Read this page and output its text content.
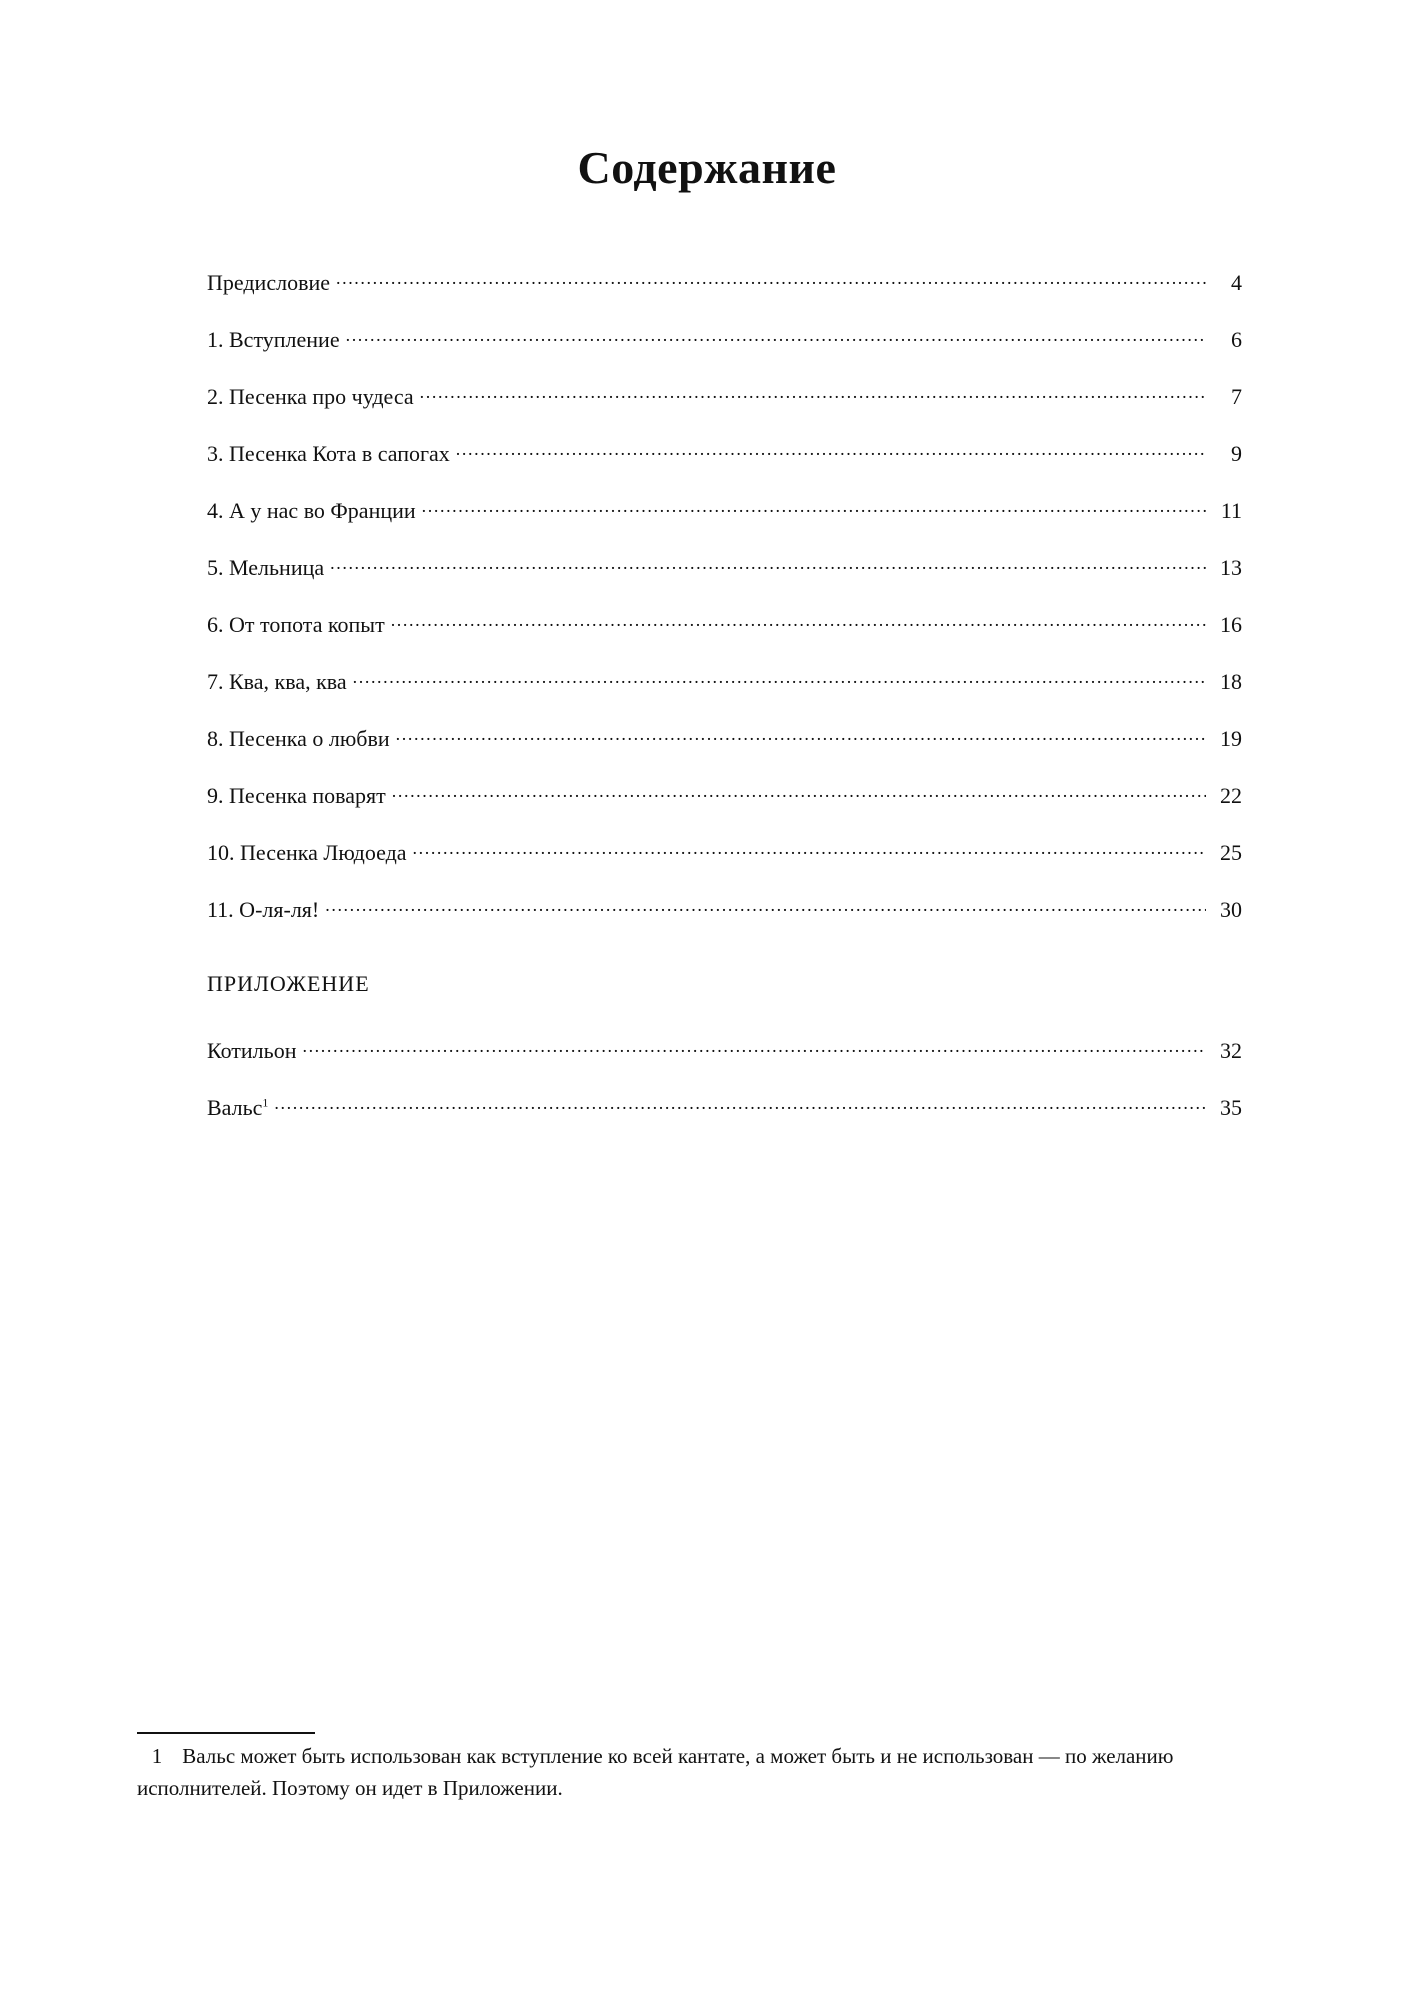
Содержание
Предисловие .....	4
1. Вступление .....	6
2. Песенка про чудеса .....	7
3. Песенка Кота в сапогах .....	9
4. А у нас во Франции .....	11
5. Мельница .....	13
6. От топота копыт .....	16
7. Ква, ква, ква .....	18
8. Песенка о любви .....	19
9. Песенка поварят .....	22
10. Песенка Людоеда .....	25
11. О-ля-ля! .....	30
ПРИЛОЖЕНИЕ
Котильон .....	32
Вальс$^1$ .....	35
1 Вальс может быть использован как вступление ко всей кантате, а может быть и не использован — по желанию исполнителей. Поэтому он идет в Приложении.
